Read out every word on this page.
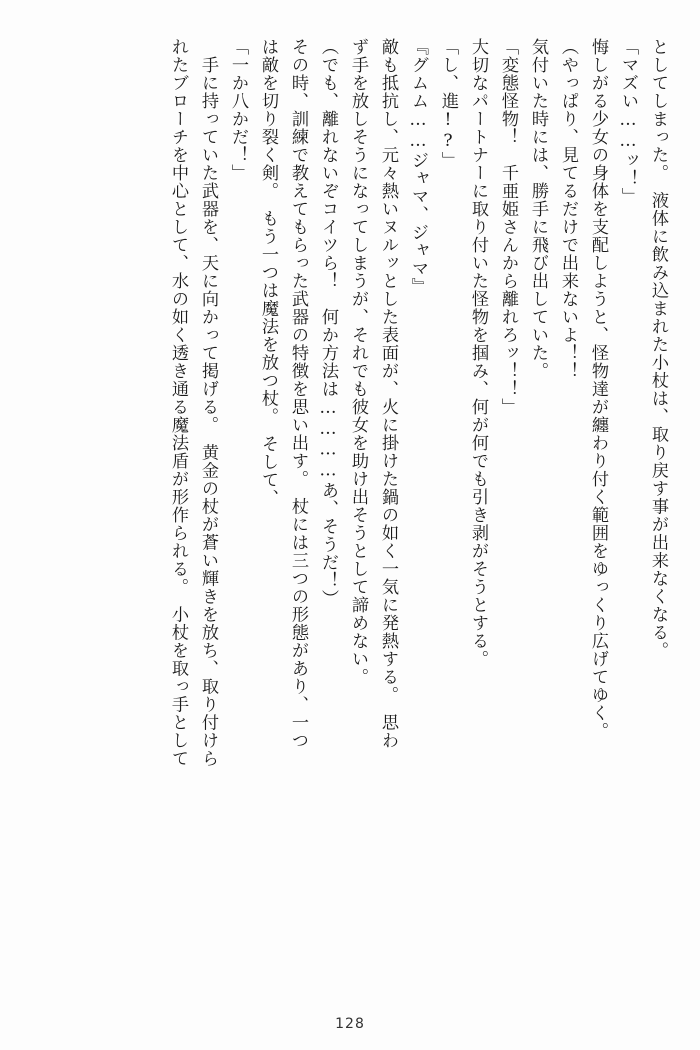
としてしまった。　液体に飲み込まれた小杖は、取り戻す事が出来なくなる。
「マズい……ッ！」
悔しがる少女の身体を支配しようと、怪物達が纏わり付く範囲をゆっくり広げてゆく。
（やっぱり、見てるだけで出来ないよ！！
気付いた時には、勝手に飛び出していた。
「変態怪物！　千亜姫さんから離れろッ！！」
大切なパートナーに取り付いた怪物を掴み、何が何でも引き剥がそうとする。
「し、進!?」
『グムム……ジャマ、ジャマ』
敵も抵抗し、元々熱いヌルッとした表面が、火に掛けた鍋の如く一気に発熱する。　思わ
ず手を放しそうになってしまうが、それでも彼女を助け出そうとして諦めない。
（でも、離れないぞコイツら！　何か方法は…………あ、そうだ！）
その時、訓練で教えてもらった武器の特徴を思い出す。　杖には三つの形態があり、一つ
は敵を切り裂く剣。　もう一つは魔法を放つ杖。　そして、
「一か八かだ！」
　手に持っていた武器を、天に向かって掲げる。　黄金の杖が蒼い輝きを放ち、取り付けら
れたブローチを中心として、水の如く透き通る魔法盾が形作られる。　小杖を取っ手として
128
